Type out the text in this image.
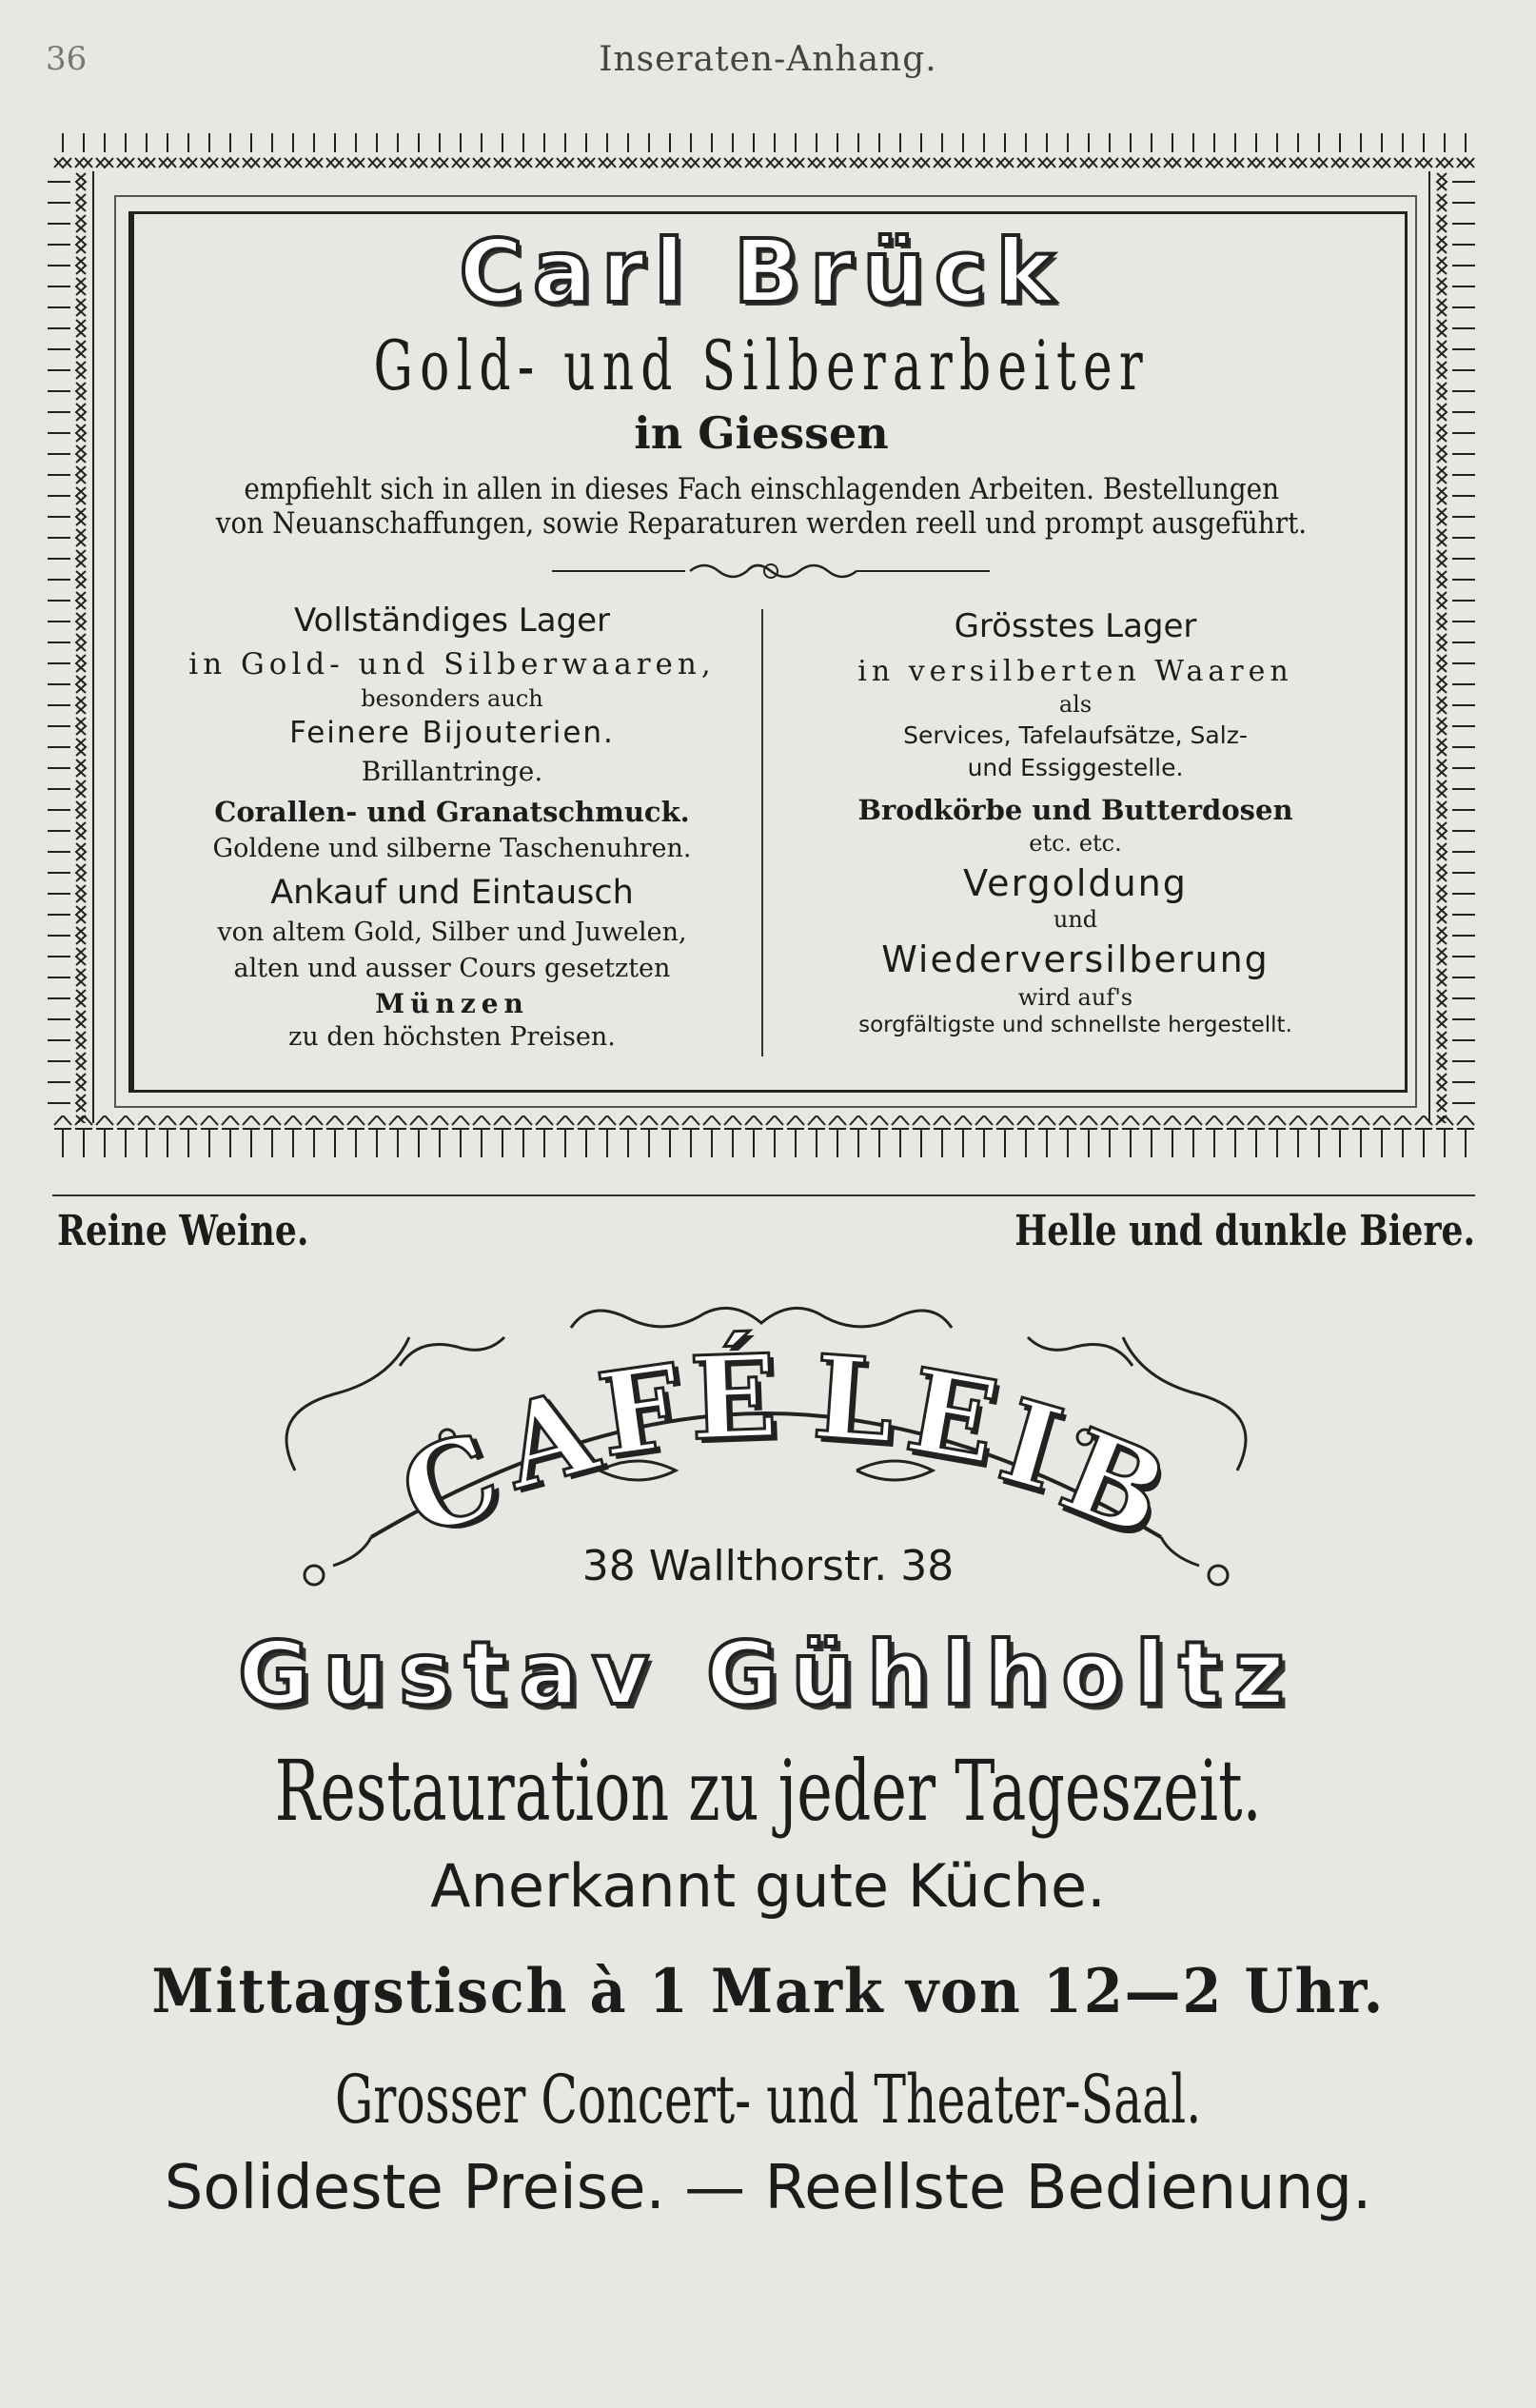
36	Inseraten-Anhang.
Carl Brück
Gold- und Silberarbeiter
in Giessen
empfiehlt sich in allen in dieses Fach einschlagenden Arbeiten. Bestellungen
von Neuanschaffungen, sowie Reparaturen werden reell und prompt ausgeführt.
Vollständiges Lager
in Gold- und Silberwaaren,
besonders auch
Feinere Bijouterien.
Brillantringe.
Corallen- und Granatschmuck.
Goldene und silberne Taschenuhren.
Ankauf und Eintausch
von altem Gold, Silber und Juwelen,
alten und ausser Cours gesetzten
Münzen
zu den höchsten Preisen.
Grösstes Lager
in versilberten Waaren
als
Services, Tafelaufsätze, Salz-
und Essiggestelle.
Brodkörbe und Butterdosen
etc. etc.
Vergoldung
und
Wiederversilberung
wird auf's
sorgfältigste und schnellste hergestellt.
Reine Weine.	Helle und dunkle Biere.
C
A
F
É L E
I
B
38 Wallthorstr. 38
Gustav Gühlholtz
Restauration zu jeder Tageszeit.
Anerkannt gute Küche.
Mittagstisch à 1 Mark von 12—2 Uhr.
Grosser Concert- und Theater-Saal.
Solideste Preise. — Reellste Bedienung.
